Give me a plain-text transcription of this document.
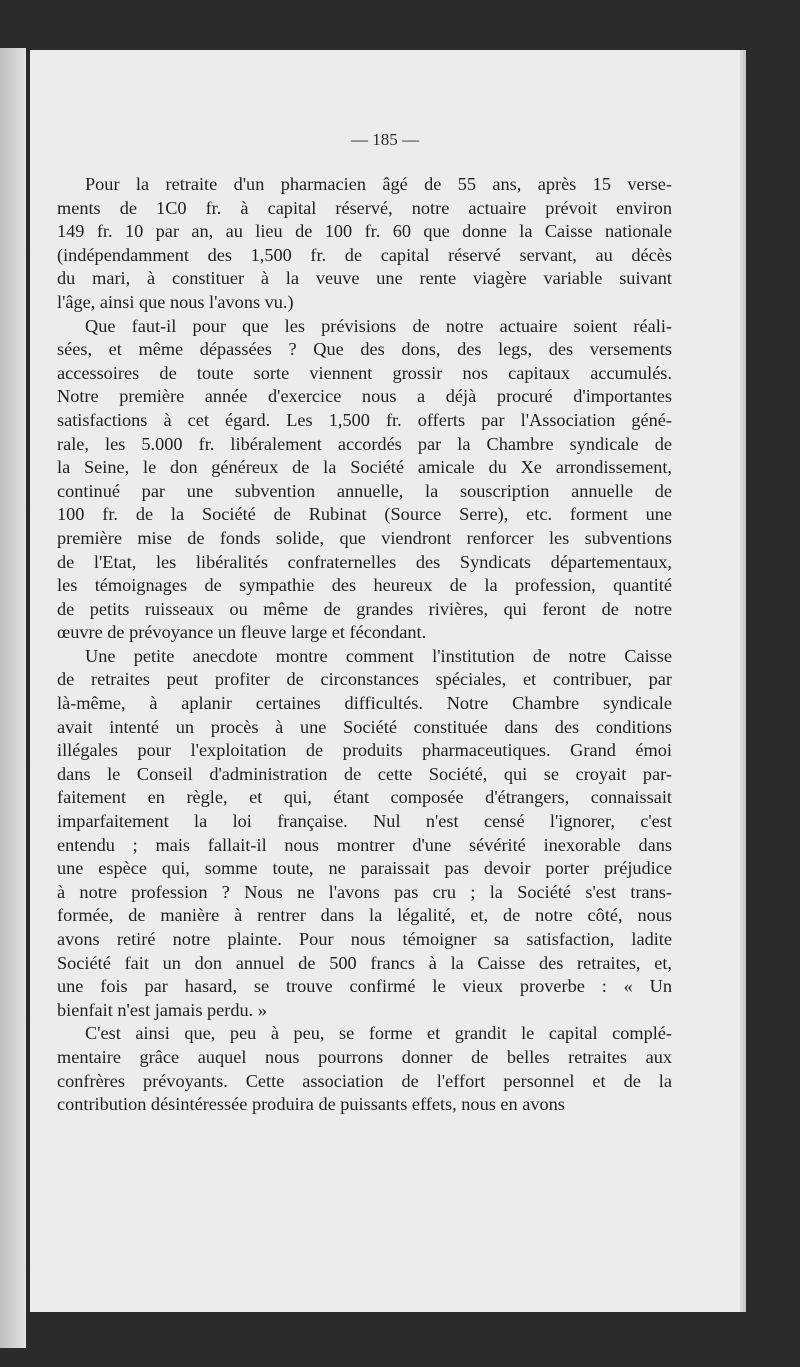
— 185 —
Pour la retraite d'un pharmacien âgé de 55 ans, après 15 verse-
ments de 1C0 fr. à capital réservé, notre actuaire prévoit environ
149 fr. 10 par an, au lieu de 100 fr. 60 que donne la Caisse nationale
(indépendamment des 1,500 fr. de capital réservé servant, au décès
du mari, à constituer à la veuve une rente viagère variable suivant
l'âge, ainsi que nous l'avons vu.)
Que faut-il pour que les prévisions de notre actuaire soient réali-
sées, et même dépassées ? Que des dons, des legs, des versements
accessoires de toute sorte viennent grossir nos capitaux accumulés.
Notre première année d'exercice nous a déjà procuré d'importantes
satisfactions à cet égard. Les 1,500 fr. offerts par l'Association géné-
rale, les 5.000 fr. libéralement accordés par la Chambre syndicale de
la Seine, le don généreux de la Société amicale du Xe arrondissement,
continué par une subvention annuelle, la souscription annuelle de
100 fr. de la Société de Rubinat (Source Serre), etc. forment une
première mise de fonds solide, que viendront renforcer les subventions
de l'Etat, les libéralités confraternelles des Syndicats départementaux,
les témoignages de sympathie des heureux de la profession, quantité
de petits ruisseaux ou même de grandes rivières, qui feront de notre
œuvre de prévoyance un fleuve large et fécondant.
Une petite anecdote montre comment l'institution de notre Caisse
de retraites peut profiter de circonstances spéciales, et contribuer, par
là-même, à aplanir certaines difficultés. Notre Chambre syndicale
avait intenté un procès à une Société constituée dans des conditions
illégales pour l'exploitation de produits pharmaceutiques. Grand émoi
dans le Conseil d'administration de cette Société, qui se croyait par-
faitement en règle, et qui, étant composée d'étrangers, connaissait
imparfaitement la loi française. Nul n'est censé l'ignorer, c'est
entendu ; mais fallait-il nous montrer d'une sévérité inexorable dans
une espèce qui, somme toute, ne paraissait pas devoir porter préjudice
à notre profession ? Nous ne l'avons pas cru ; la Société s'est trans-
formée, de manière à rentrer dans la légalité, et, de notre côté, nous
avons retiré notre plainte. Pour nous témoigner sa satisfaction, ladite
Société fait un don annuel de 500 francs à la Caisse des retraites, et,
une fois par hasard, se trouve confirmé le vieux proverbe : « Un
bienfait n'est jamais perdu. »
C'est ainsi que, peu à peu, se forme et grandit le capital complé-
mentaire grâce auquel nous pourrons donner de belles retraites aux
confrères prévoyants. Cette association de l'effort personnel et de la
contribution désintéressée produira de puissants effets, nous en avons
